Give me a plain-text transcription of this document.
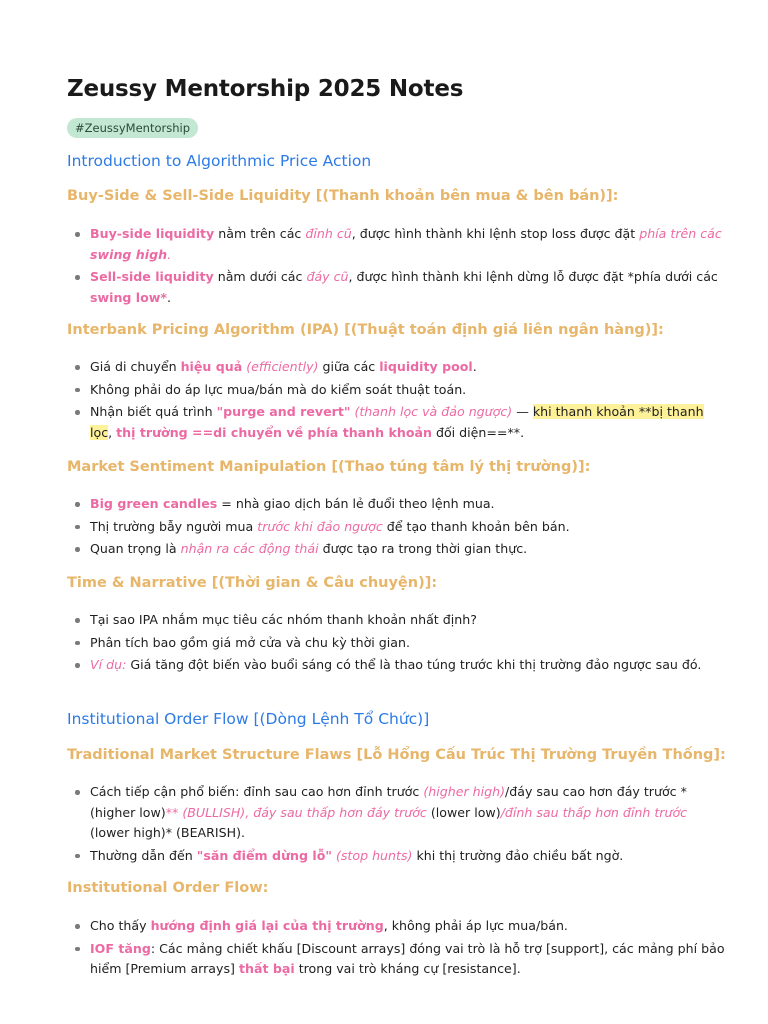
Zeussy Mentorship 2025 Notes
#ZeussyMentorship
Introduction to Algorithmic Price Action
Buy-Side & Sell-Side Liquidity [(Thanh khoản bên mua & bên bán)]:
Buy-side liquidity nằm trên các đỉnh cũ, được hình thành khi lệnh stop loss được đặt phía trên các swing high.
Sell-side liquidity nằm dưới các đáy cũ, được hình thành khi lệnh dừng lỗ được đặt *phía dưới các swing low*.
Interbank Pricing Algorithm (IPA) [(Thuật toán định giá liên ngân hàng)]:
Giá di chuyển hiệu quả (efficiently) giữa các liquidity pool.
Không phải do áp lực mua/bán mà do kiểm soát thuật toán.
Nhận biết quá trình "purge and revert" (thanh lọc và đảo ngược) — khi thanh khoản **bị thanh lọc, thị trường ==di chuyển về phía thanh khoản đối diện==**.
Market Sentiment Manipulation [(Thao túng tâm lý thị trường)]:
Big green candles = nhà giao dịch bán lẻ đuổi theo lệnh mua.
Thị trường bẫy người mua trước khi đảo ngược để tạo thanh khoản bên bán.
Quan trọng là nhận ra các động thái được tạo ra trong thời gian thực.
Time & Narrative [(Thời gian & Câu chuyện)]:
Tại sao IPA nhắm mục tiêu các nhóm thanh khoản nhất định?
Phân tích bao gồm giá mở cửa và chu kỳ thời gian.
Ví dụ: Giá tăng đột biến vào buổi sáng có thể là thao túng trước khi thị trường đảo ngược sau đó.
Institutional Order Flow [(Dòng Lệnh Tổ Chức)]
Traditional Market Structure Flaws [Lỗ Hổng Cấu Trúc Thị Trường Truyền Thống]:
Cách tiếp cận phổ biến: đỉnh sau cao hơn đỉnh trước (higher high)/đáy sau cao hơn đáy trước *(higher low)** (BULLISH), đáy sau thấp hơn đáy trước (lower low)/đỉnh sau thấp hơn đỉnh trước (lower high)* (BEARISH).
Thường dẫn đến "săn điểm dừng lỗ" (stop hunts) khi thị trường đảo chiều bất ngờ.
Institutional Order Flow:
Cho thấy hướng định giá lại của thị trường, không phải áp lực mua/bán.
IOF tăng: Các mảng chiết khấu [Discount arrays] đóng vai trò là hỗ trợ [support], các mảng phí bảo hiểm [Premium arrays] thất bại trong vai trò kháng cự [resistance].
